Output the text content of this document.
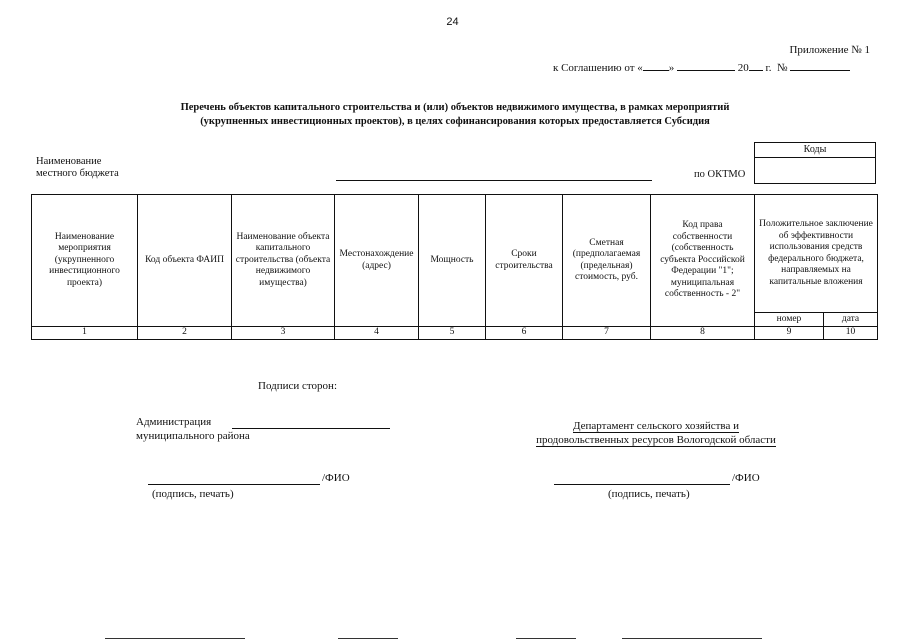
24
Приложение № 1
к Соглашению от « »	20 г. №
Перечень объектов капитального строительства и (или) объектов недвижимого имущества, в рамках мероприятий
(укрупненных инвестиционных проектов), в целях софинансирования которых предоставляется Субсидия
Наименование
местного бюджета	по ОКТМО
Коды
Наименование мероприятия (укрупненного инвестиционного проекта)	Код объекта ФАИП	Наименование объекта капитального строительства (объекта недвижимого имущества)	Местонахождение (адрес)	Мощность	Сроки строительства	Сметная (предполагаемая (предельная) стоимость, руб.	Код права собственности (собственность субъекта Российской Федерации "1"; муниципальная собственность - 2"	Положительное заключение об эффективности использования средств федерального бюджета, направляемых на капитальные вложения	
								номер	дата
1	2	3	4	5	6	7	8	9	10
Подписи сторон:
Администрация
муниципального района
Департамент сельского хозяйства и
продовольственных ресурсов Вологодской области
/ФИО
(подпись, печать)
/ФИО
(подпись, печать)
